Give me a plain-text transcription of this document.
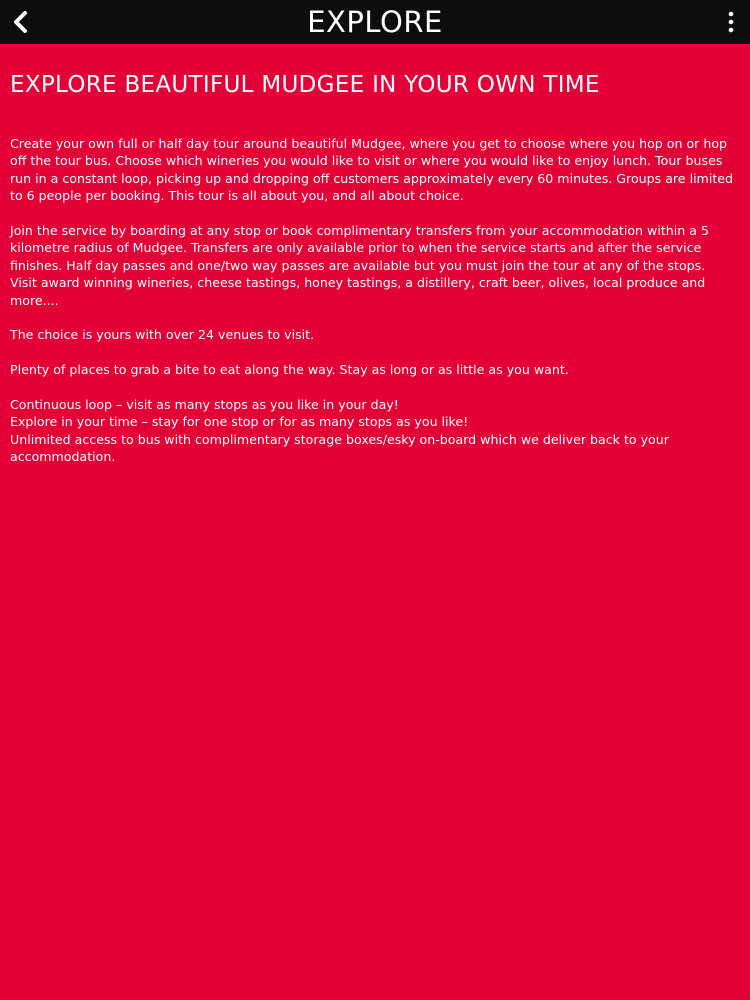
EXPLORE
EXPLORE BEAUTIFUL MUDGEE IN YOUR OWN TIME

Create your own full or half day tour around beautiful Mudgee, where you get to choose where you hop on or hop off the tour bus. Choose which wineries you would like to visit or where you would like to enjoy lunch. Tour buses run in a constant loop, picking up and dropping off customers approximately every 60 minutes. Groups are limited to 6 people per booking. This tour is all about you, and all about choice.

Join the service by boarding at any stop or book complimentary transfers from your accommodation within a 5 kilometre radius of Mudgee. Transfers are only available prior to when the service starts and after the service finishes. Half day passes and one/two way passes are available but you must join the tour at any of the stops. Visit award winning wineries, cheese tastings, honey tastings, a distillery, craft beer, olives, local produce and more....

The choice is yours with over 24 venues to visit.

Plenty of places to grab a bite to eat along the way. Stay as long or as little as you want.

Continuous loop – visit as many stops as you like in your day!

Explore in your time – stay for one stop or for as many stops as you like!

Unlimited access to bus with complimentary storage boxes/esky on-board which we deliver back to your accommodation.
